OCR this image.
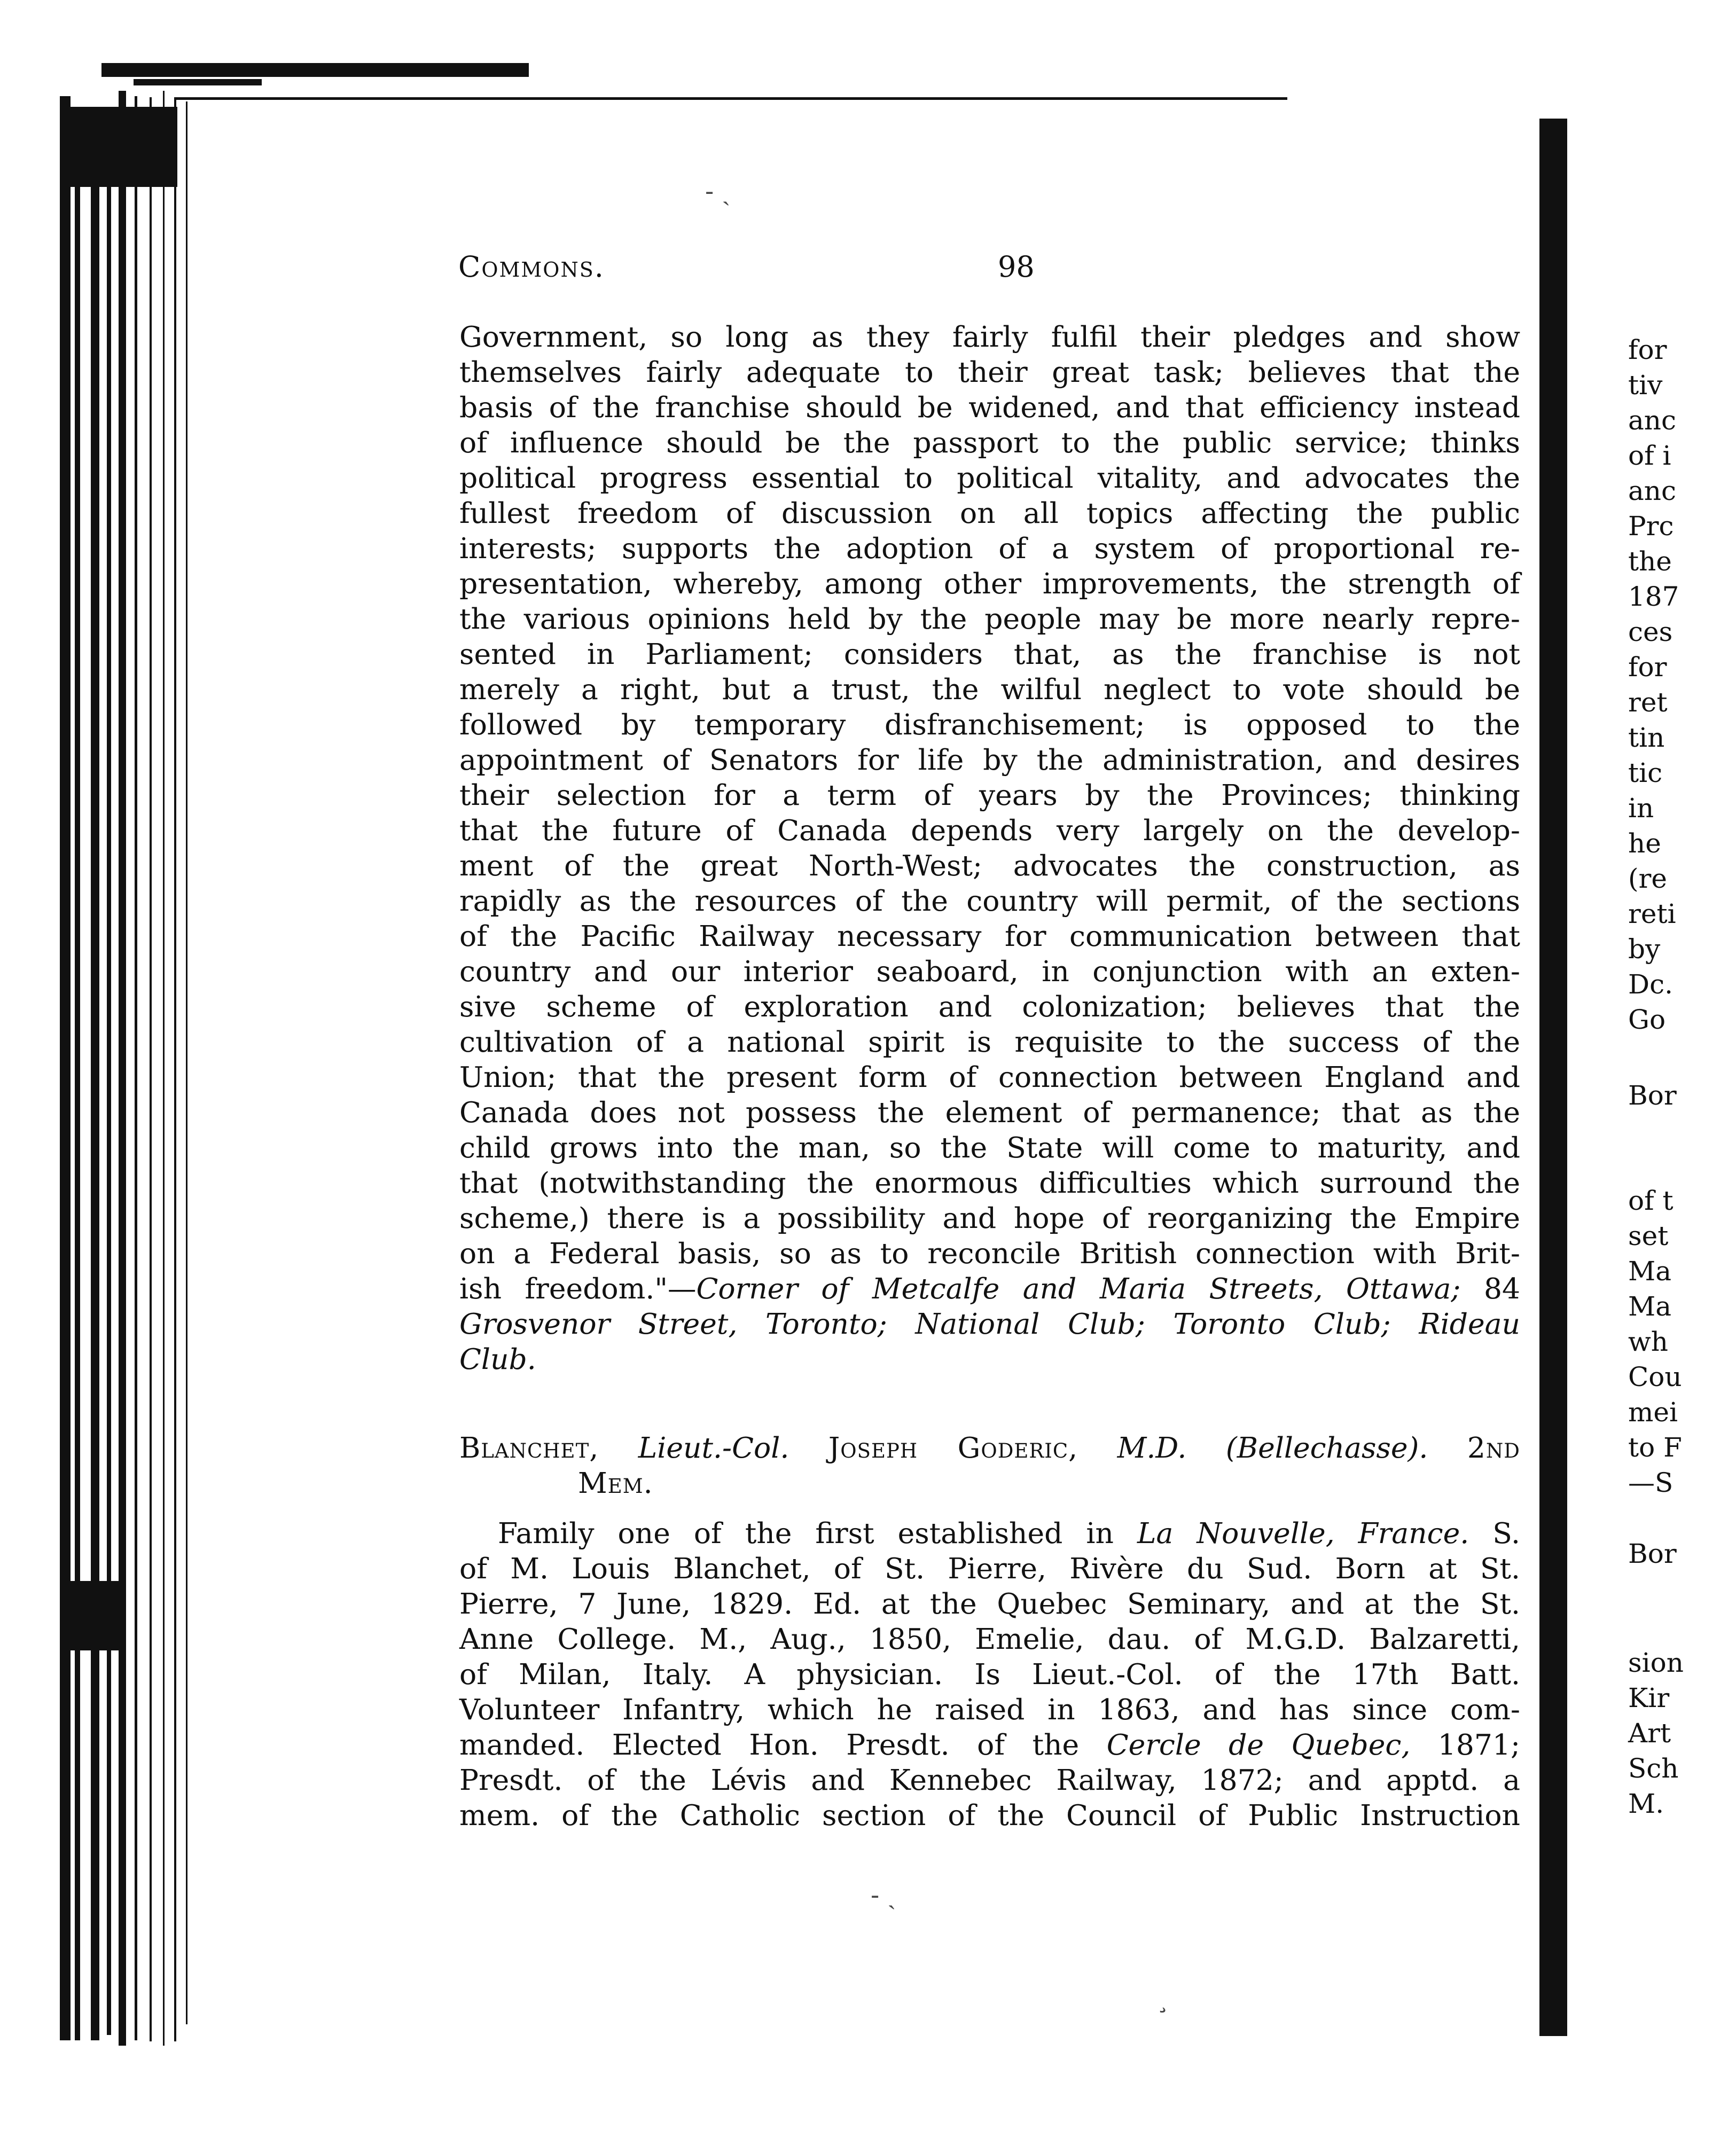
- ˎ
¸
- ˎ
Commons.	98
Government, so long as they fairly fulfil their pledges and show
themselves fairly adequate to their great task; believes that the
basis of the franchise should be widened, and that efficiency instead
of influence should be the passport to the public service; thinks
political progress essential to political vitality, and advocates the
fullest freedom of discussion on all topics affecting the public
interests; supports the adoption of a system of proportional re-
presentation, whereby, among other improvements, the strength of
the various opinions held by the people may be more nearly repre-
sented in Parliament; considers that, as the franchise is not
merely a right, but a trust, the wilful neglect to vote should be
followed by temporary disfranchisement; is opposed to the
appointment of Senators for life by the administration, and desires
their selection for a term of years by the Provinces; thinking
that the future of Canada depends very largely on the develop-
ment of the great North-West; advocates the construction, as
rapidly as the resources of the country will permit, of the sections
of the Pacific Railway necessary for communication between that
country and our interior seaboard, in conjunction with an exten-
sive scheme of exploration and colonization; believes that the
cultivation of a national spirit is requisite to the success of the
Union; that the present form of connection between England and
Canada does not possess the element of permanence; that as the
child grows into the man, so the State will come to maturity, and
that (notwithstanding the enormous difficulties which surround the
scheme,) there is a possibility and hope of reorganizing the Empire
on a Federal basis, so as to reconcile British connection with Brit-
ish freedom."—Corner of Metcalfe and Maria Streets, Ottawa; 84
Grosvenor Street, Toronto; National Club; Toronto Club; Rideau
Club.
Blanchet, Lieut.-Col. Joseph Goderic, M.D. (Bellechasse). 2nd
Mem.
Family one of the first established in La Nouvelle, France. S.
of M. Louis Blanchet, of St. Pierre, Rivère du Sud. Born at St.
Pierre, 7 June, 1829. Ed. at the Quebec Seminary, and at the St.
Anne College. M., Aug., 1850, Emelie, dau. of M.G.D. Balzaretti,
of Milan, Italy. A physician. Is Lieut.-Col. of the 17th Batt.
Volunteer Infantry, which he raised in 1863, and has since com-
manded. Elected Hon. Presdt. of the Cercle de Quebec, 1871;
Presdt. of the Lévis and Kennebec Railway, 1872; and apptd. a
mem. of the Catholic section of the Council of Public Instruction
for
tiv
anc
of i
anc
Prc
the
187
ces
for
ret
tin
tic
in
he
(re
reti
by
Dc.
Go
Bor
of t
set
Ma
Ma
wh
Cou
mei
to F
—S
Bor
sion
Kir
Art
Sch
M.
